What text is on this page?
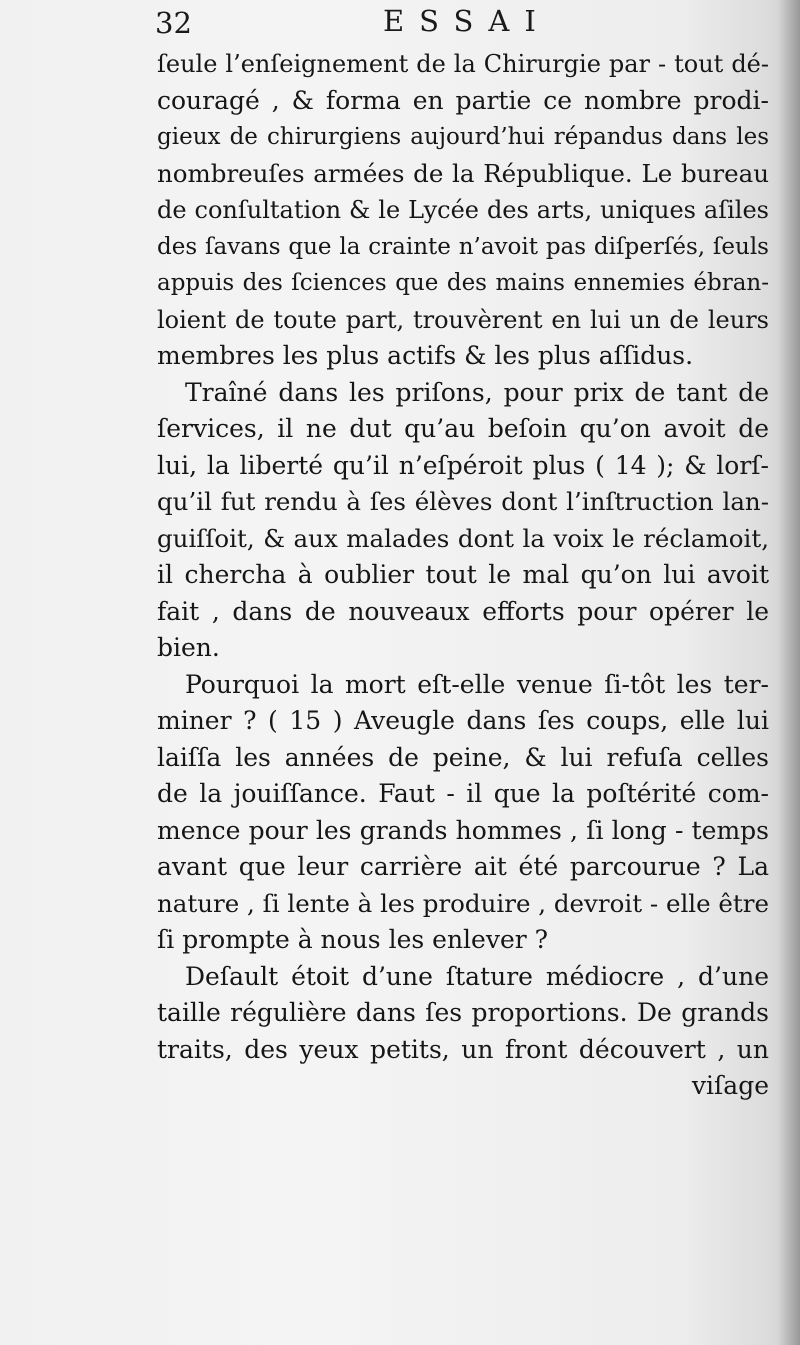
32	ESSAI
ſeule l’enſeignement de la Chirurgie par - tout dé-
couragé , & forma en partie ce nombre prodi-
gieux de chirurgiens aujourd’hui répandus dans les
nombreuſes armées de la République. Le bureau
de conſultation & le Lycée des arts, uniques aſiles
des ſavans que la crainte n’avoit pas diſperſés, ſeuls
appuis des ſciences que des mains ennemies ébran-
loient de toute part, trouvèrent en lui un de leurs
membres les plus actifs & les plus aſſidus.
Traîné dans les priſons, pour prix de tant de
ſervices, il ne dut qu’au beſoin qu’on avoit de
lui, la liberté qu’il n’eſpéroit plus ( 14 ); & lorſ-
qu’il fut rendu à ſes élèves dont l’inſtruction lan-
guiſſoit, & aux malades dont la voix le réclamoit,
il chercha à oublier tout le mal qu’on lui avoit
fait , dans de nouveaux efforts pour opérer le
bien.
Pourquoi la mort eſt-elle venue ſi-tôt les ter-
miner ? ( 15 ) Aveugle dans ſes coups, elle lui
laiſſa les années de peine, & lui refuſa celles
de la jouiſſance. Faut - il que la poſtérité com-
mence pour les grands hommes , ſi long - temps
avant que leur carrière ait été parcourue ? La
nature , ſi lente à les produire , devroit - elle être
ſi prompte à nous les enlever ?
Deſault étoit d’une ſtature médiocre , d’une
taille régulière dans ſes proportions. De grands
traits, des yeux petits, un front découvert , un
viſage
